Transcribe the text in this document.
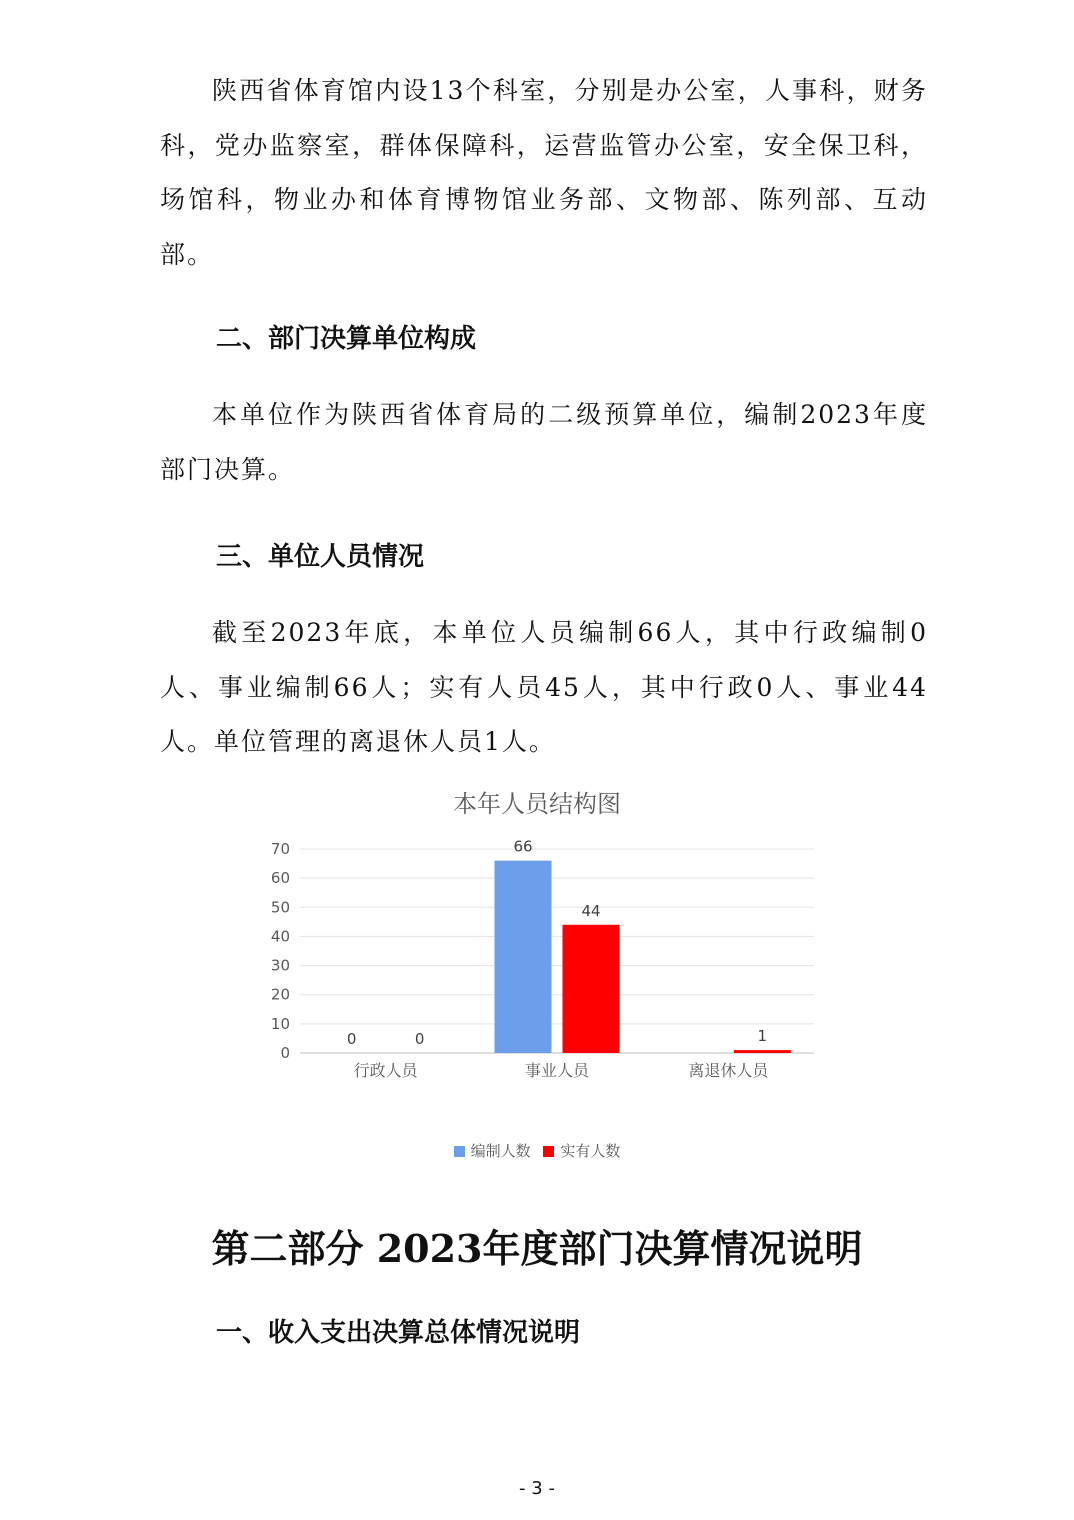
陕西省体育馆内设13个科室，分别是办公室，人事科，财务科，党办监察室，群体保障科，运营监管办公室，安全保卫科，场馆科，物业办和体育博物馆业务部、文物部、陈列部、互动部。

二、部门决算单位构成

本单位作为陕西省体育局的二级预算单位，编制2023年度部门决算。

三、单位人员情况

截至2023年底，本单位人员编制66人，其中行政编制0人、事业编制66人；实有人员45人，其中行政0人、事业44人。单位管理的离退休人员1人。

本年人员结构图
0
10
20
30
40
50
60
70
行政人员
0	0
事业人员
66
44
离退休人员
1
编制人数 实有人数
第二部分 2023年度部门决算情况说明
一、收入支出决算总体情况说明
- 3 -
